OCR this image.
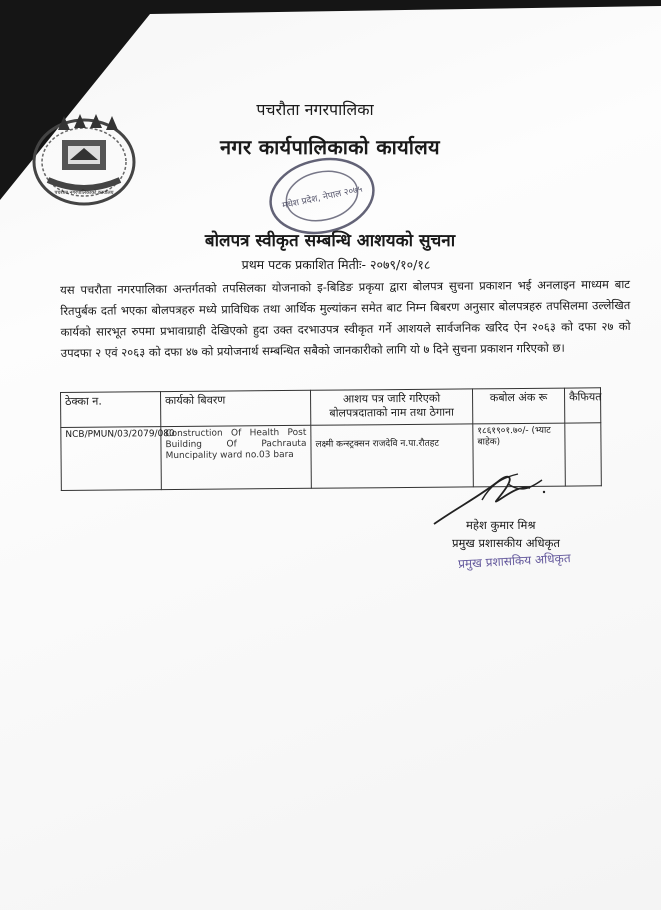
पचरौता नगरपालिकाको कार्यालय
पचरौता नगरपालिका
नगर कार्यपालिकाको कार्यालय
मधेश प्रदेश, नेपाल २०७५
बोलपत्र स्वीकृत सम्बन्धि आशयको सुचना
प्रथम पटक प्रकाशित मितीः- २०७९/१०/१८
यस पचरौता नगरपालिका अन्तर्गतको तपसिलका योजनाको इ-बिडिङ प्रकृया द्वारा बोलपत्र सुचना प्रकाशन भई अनलाइन माध्यम बाट रितपुर्बक दर्ता भएका बोलपत्रहरु मध्ये प्राविधिक तथा आर्थिक मुल्यांकन समेत बाट निम्न बिबरण अनुसार बोलपत्रहरु तपसिलमा उल्लेखित कार्यको सारभूत रुपमा प्रभावाग्राही देखिएको हुदा उक्त दरभाउपत्र स्वीकृत गर्ने आशयले सार्वजनिक खरिद ऐन २०६३ को दफा २७ को उपदफा २ एवं २०६३ को दफा ४७ को प्रयोजनार्थ सम्बन्धित सबैको जानकारीको लागि यो ७ दिने सुचना प्रकाशन गरिएको छ।
ठेक्का न.	कार्यको बिवरण	आशय पत्र जारि गरिएको बोलपत्रदाताको नाम तथा ठेगाना	कबोल अंक रू	कैफियत
NCB/PMUN/03/2079/080	Construction Of Health Post Building Of Pachrauta Muncipality ward no.03 bara	लक्ष्मी कन्स्ट्रक्सन राजदेवि न.पा.रौतहट	१८६१९०१.७०/- (भ्याट बाहेक)	
महेश कुमार मिश्र
प्रमुख प्रशासकीय अधिकृत
प्रमुख प्रशासकिय अधिकृत
